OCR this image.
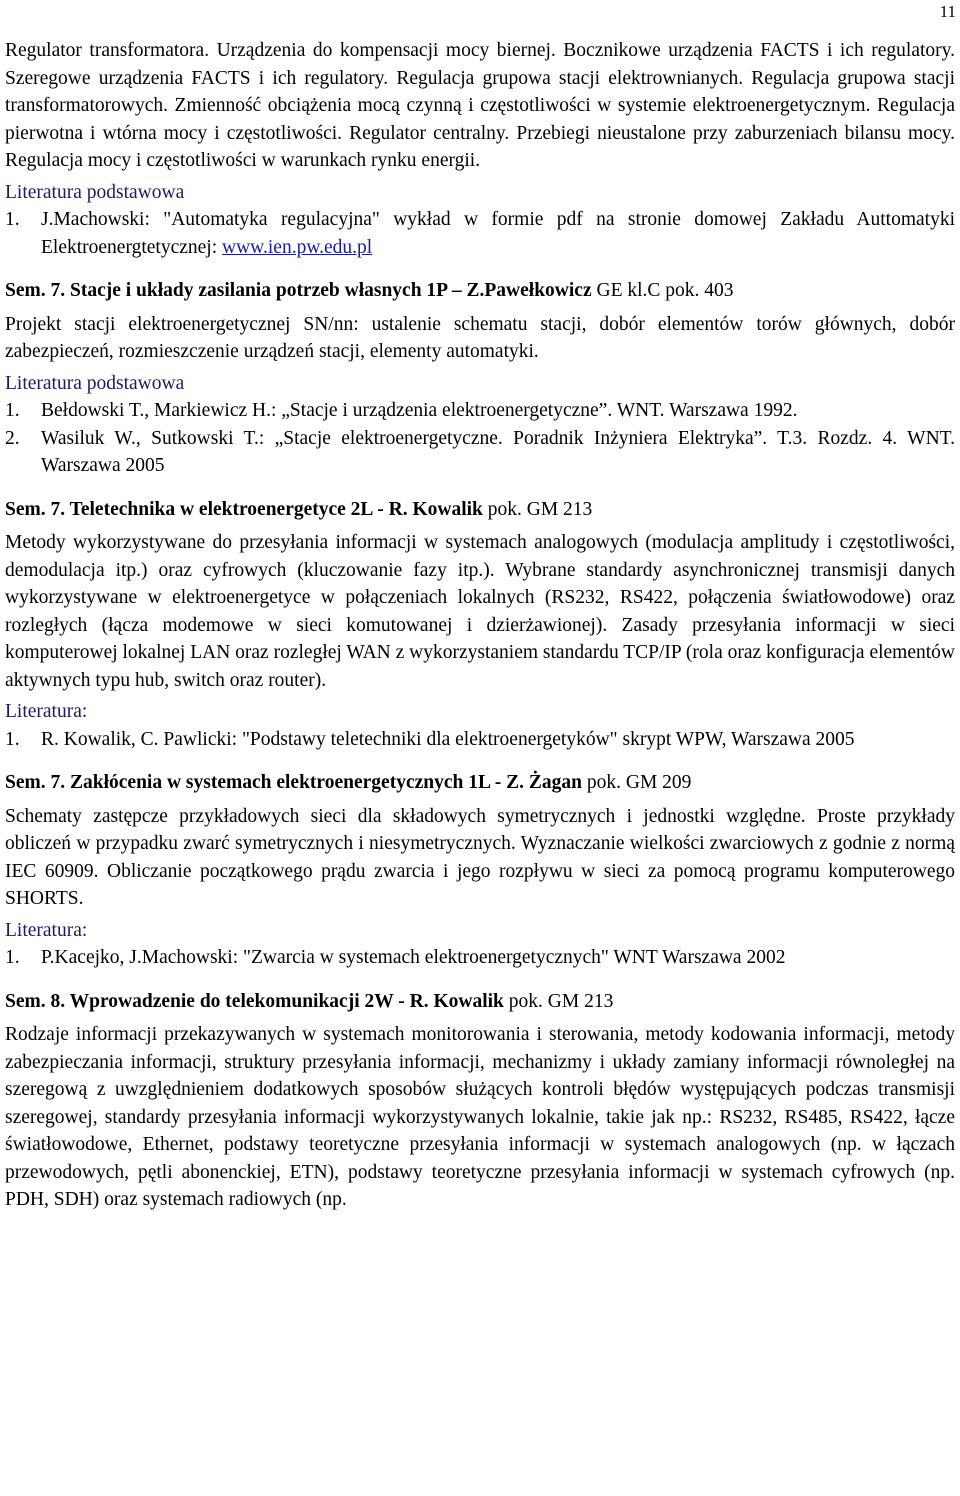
11

Regulator transformatora. Urządzenia do kompensacji mocy biernej. Bocznikowe urządzenia FACTS i ich regulatory. Szeregowe urządzenia FACTS i ich regulatory. Regulacja grupowa stacji elektrownianych. Regulacja grupowa stacji transformatorowych. Zmienność obciążenia mocą czynną i częstotliwości w systemie elektroenergetycznym. Regulacja pierwotna i wtórna mocy i częstotliwości. Regulator centralny. Przebiegi nieustalone przy zaburzeniach bilansu mocy. Regulacja mocy i częstotliwości w warunkach rynku energii.

Literatura podstawowa
1. J.Machowski: "Automatyka regulacyjna" wykład w formie pdf na stronie domowej Zakładu Auttomatyki Elektroenergtetycznej: www.ien.pw.edu.pl
Sem. 7. Stacje i układy zasilania potrzeb własnych 1P – Z.Pawełkowicz GE kl.C pok. 403

Projekt stacji elektroenergetycznej SN/nn: ustalenie schematu stacji, dobór elementów torów głównych, dobór zabezpieczeń, rozmieszczenie urządzeń stacji, elementy automatyki.

Literatura podstawowa
1. Bełdowski T., Markiewicz H.: „Stacje i urządzenia elektroenergetyczne”. WNT. Warszawa 1992.
2. Wasiluk W., Sutkowski T.: „Stacje elektroenergetyczne. Poradnik Inżyniera Elektryka”. T.3. Rozdz. 4. WNT. Warszawa 2005
Sem. 7. Teletechnika w elektroenergetyce 2L - R. Kowalik pok. GM 213

Metody wykorzystywane do przesyłania informacji w systemach analogowych (modulacja amplitudy i częstotliwości, demodulacja itp.) oraz cyfrowych (kluczowanie fazy itp.). Wybrane standardy asynchronicznej transmisji danych wykorzystywane w elektroenergetyce w połączeniach lokalnych (RS232, RS422, połączenia światłowodowe) oraz rozległych (łącza modemowe w sieci komutowanej i dzierżawionej). Zasady przesyłania informacji w sieci komputerowej lokalnej LAN oraz rozległej WAN z wykorzystaniem standardu TCP/IP (rola oraz konfiguracja elementów aktywnych typu hub, switch oraz router).

Literatura:
1. R. Kowalik, C. Pawlicki: "Podstawy teletechniki dla elektroenergetyków" skrypt WPW, Warszawa 2005
Sem. 7. Zakłócenia w systemach elektroenergetycznych 1L - Z. Żagan pok. GM 209

Schematy zastępcze przykładowych sieci dla składowych symetrycznych i jednostki względne. Proste przykłady obliczeń w przypadku zwarć symetrycznych i niesymetrycznych. Wyznaczanie wielkości zwarciowych z godnie z normą IEC 60909. Obliczanie początkowego prądu zwarcia i jego rozpływu w sieci za pomocą programu komputerowego SHORTS.

Literatura:
1. P.Kacejko, J.Machowski: "Zwarcia w systemach elektroenergetycznych" WNT Warszawa 2002
Sem. 8. Wprowadzenie do telekomunikacji 2W - R. Kowalik pok. GM 213

Rodzaje informacji przekazywanych w systemach monitorowania i sterowania, metody kodowania informacji, metody zabezpieczania informacji, struktury przesyłania informacji, mechanizmy i układy zamiany informacji równoległej na szeregową z uwzględnieniem dodatkowych sposobów służących kontroli błędów występujących podczas transmisji szeregowej, standardy przesyłania informacji wykorzystywanych lokalnie, takie jak np.: RS232, RS485, RS422, łącze światłowodowe, Ethernet, podstawy teoretyczne przesyłania informacji w systemach analogowych (np. w łączach przewodowych, pętli abonenckiej, ETN), podstawy teoretyczne przesyłania informacji w systemach cyfrowych (np. PDH, SDH) oraz systemach radiowych (np.
